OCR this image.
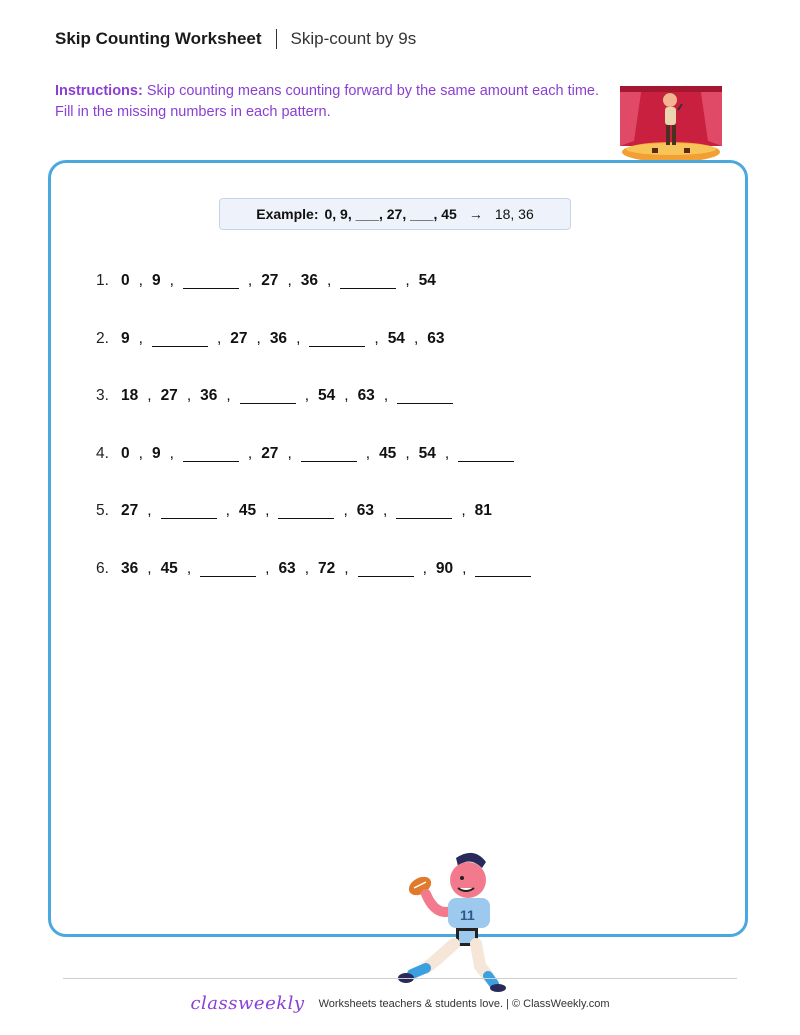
Skip Counting Worksheet Skip-count by 9s
Instructions: Skip counting means counting forward by the same amount each time. Fill in the missing numbers in each pattern.
Example: 0, 9, ___, 27, ___, 45 → 18, 36
1. 0 , 9 ,	, 27 , 36 ,	, 54
2. 9 ,	, 27 , 36 ,	, 54 , 63
3. 18 , 27 , 36 ,	, 54 , 63 ,
4. 0 , 9 ,	, 27 ,	, 45 , 54 ,
5. 27 ,	, 45 ,	, 63 ,	, 81
6. 36 , 45 ,	, 63 , 72 ,	, 90 ,
11
classweekly Worksheets teachers & students love. | © ClassWeekly.com
